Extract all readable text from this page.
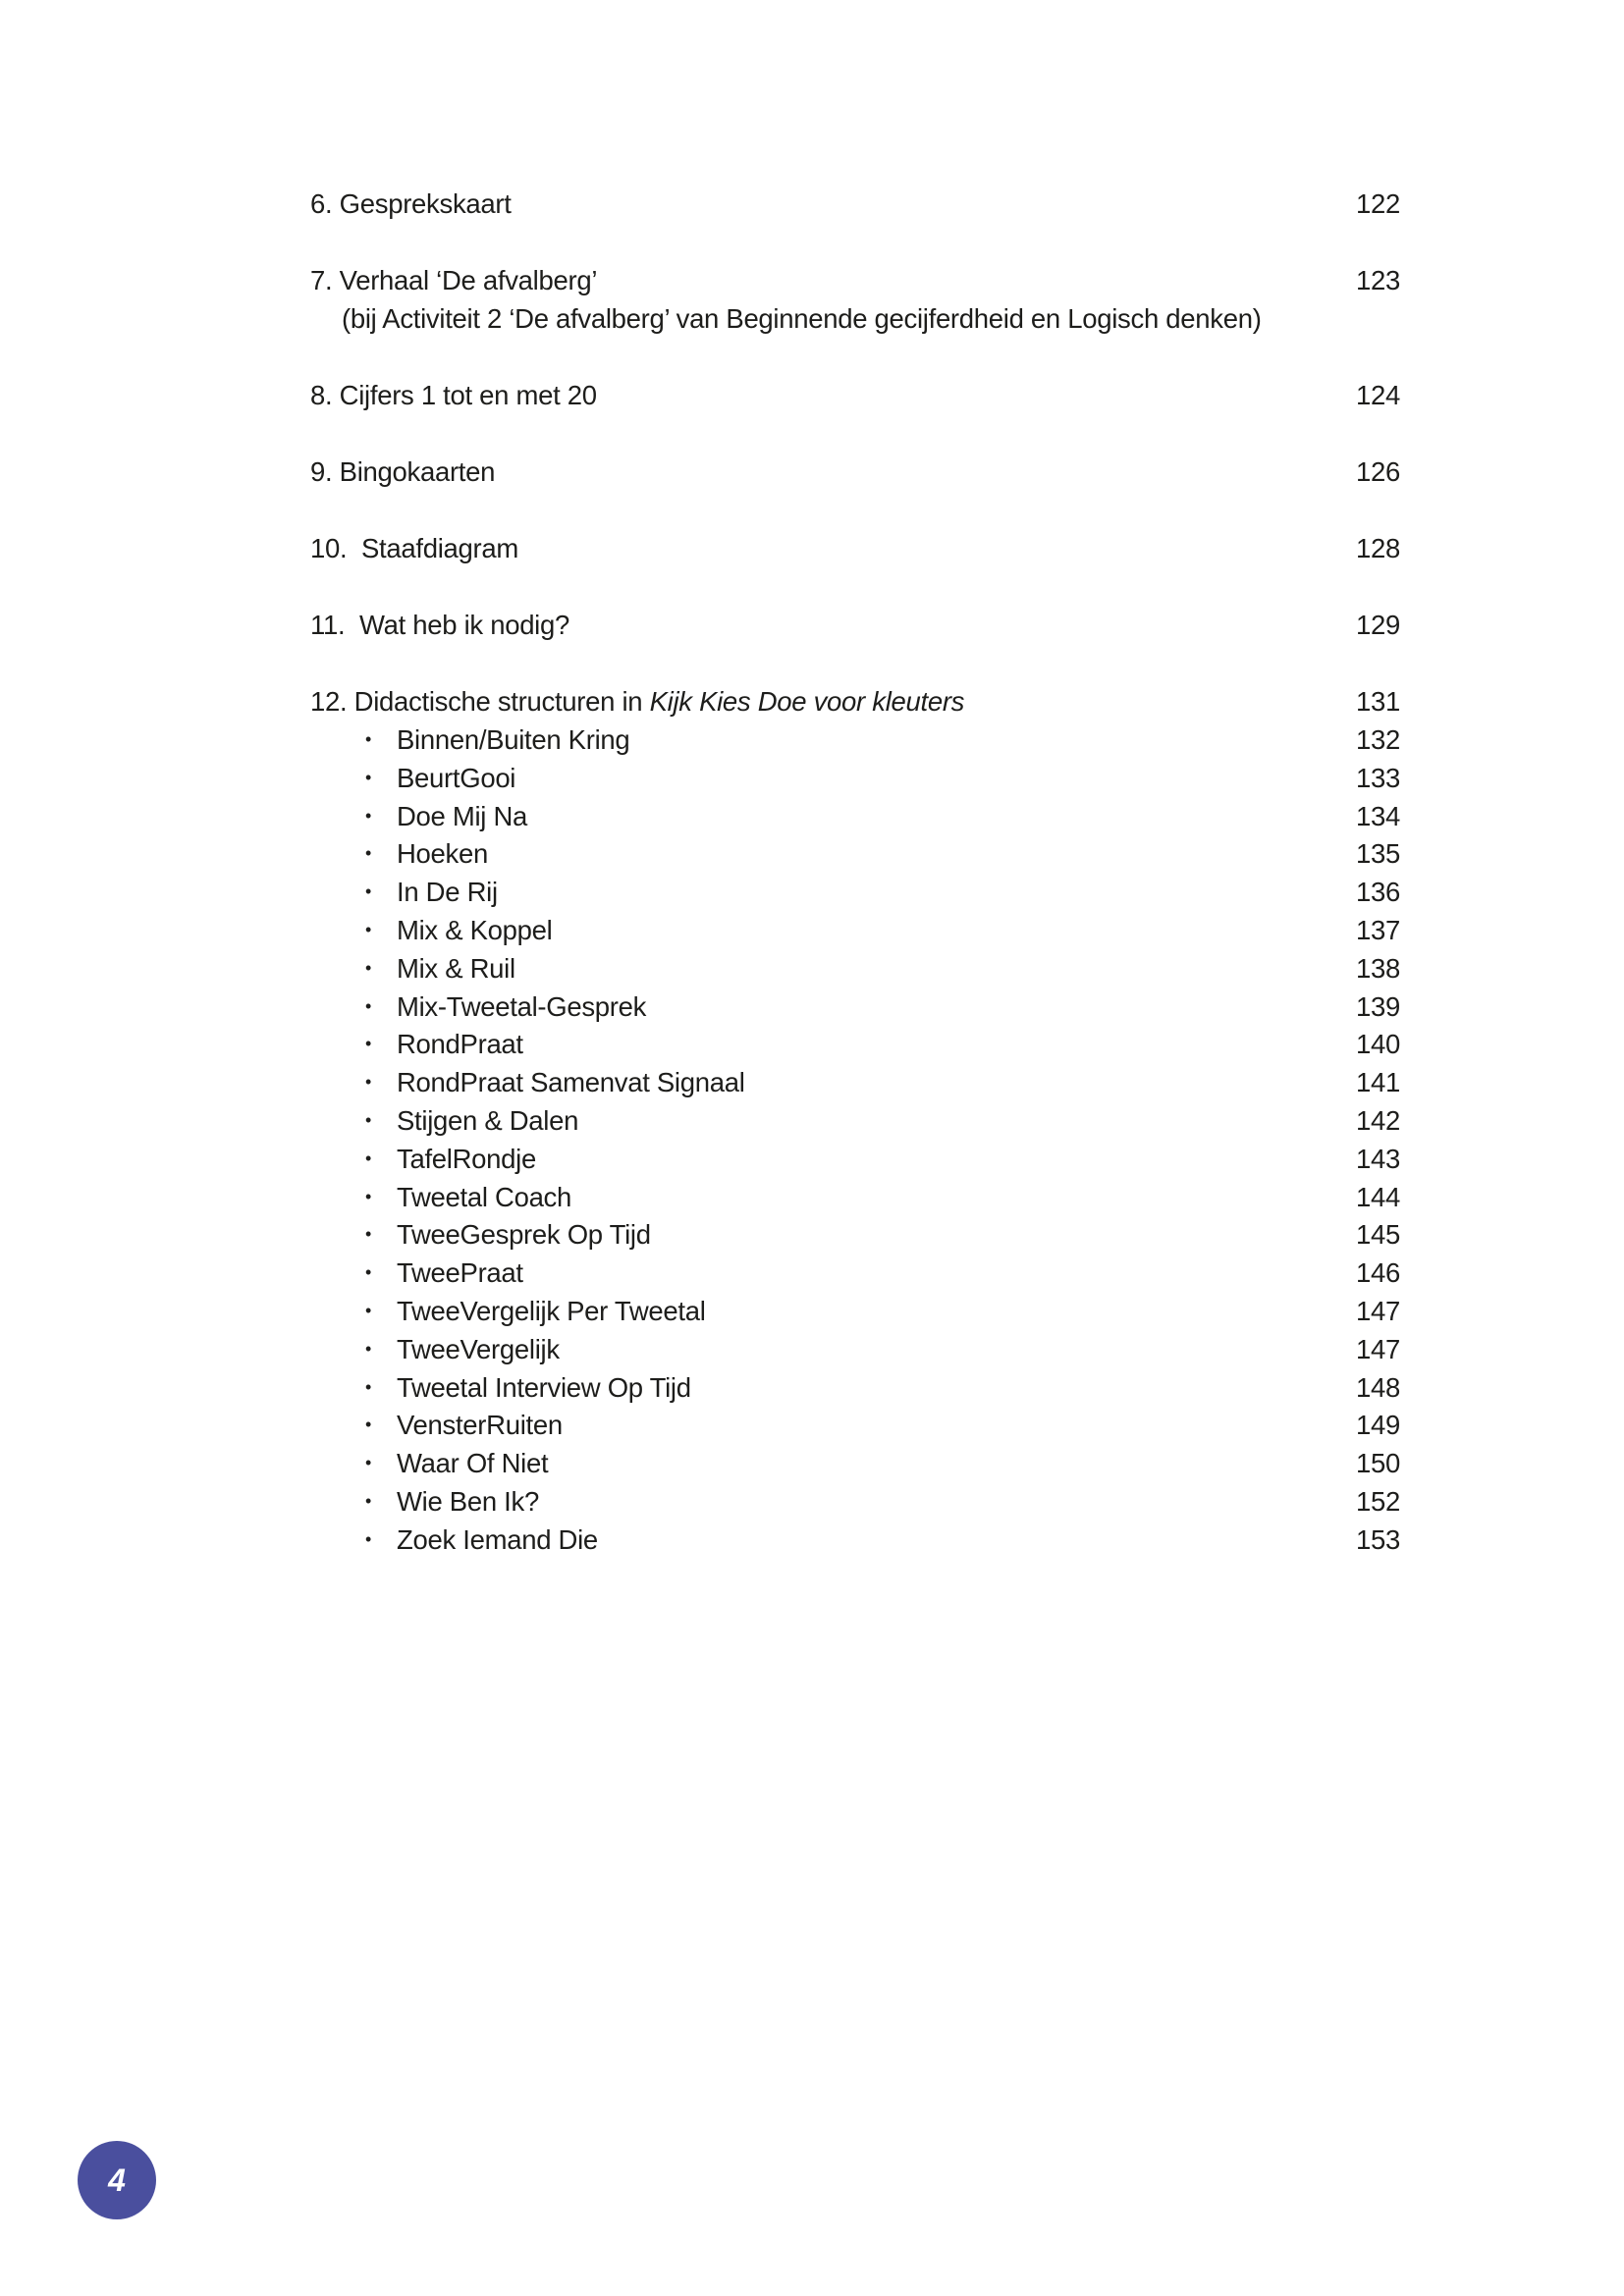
6. Gesprekskaart	122
7. Verhaal ‘De afvalberg’	123
(bij Activiteit 2 ‘De afvalberg’ van Beginnende gecijferdheid en Logisch denken)
8. Cijfers 1 tot en met 20	124
9. Bingokaarten	126
10.  Staafdiagram	128
11.  Wat heb ik nodig?	129
12. Didactische structuren in Kijk Kies Doe voor kleuters	131
• Binnen/Buiten Kring	132
• BeurtGooi	133
• Doe Mij Na	134
• Hoeken	135
• In De Rij	136
• Mix & Koppel	137
• Mix & Ruil	138
• Mix-Tweetal-Gesprek	139
• RondPraat	140
• RondPraat Samenvat Signaal	141
• Stijgen & Dalen	142
• TafelRondje	143
• Tweetal Coach	144
• TweeGesprek Op Tijd	145
• TweePraat	146
• TweeVergelijk Per Tweetal	147
• TweeVergelijk	147
• Tweetal Interview Op Tijd	148
• VensterRuiten	149
• Waar Of Niet	150
• Wie Ben Ik?	152
• Zoek Iemand Die	153
4
